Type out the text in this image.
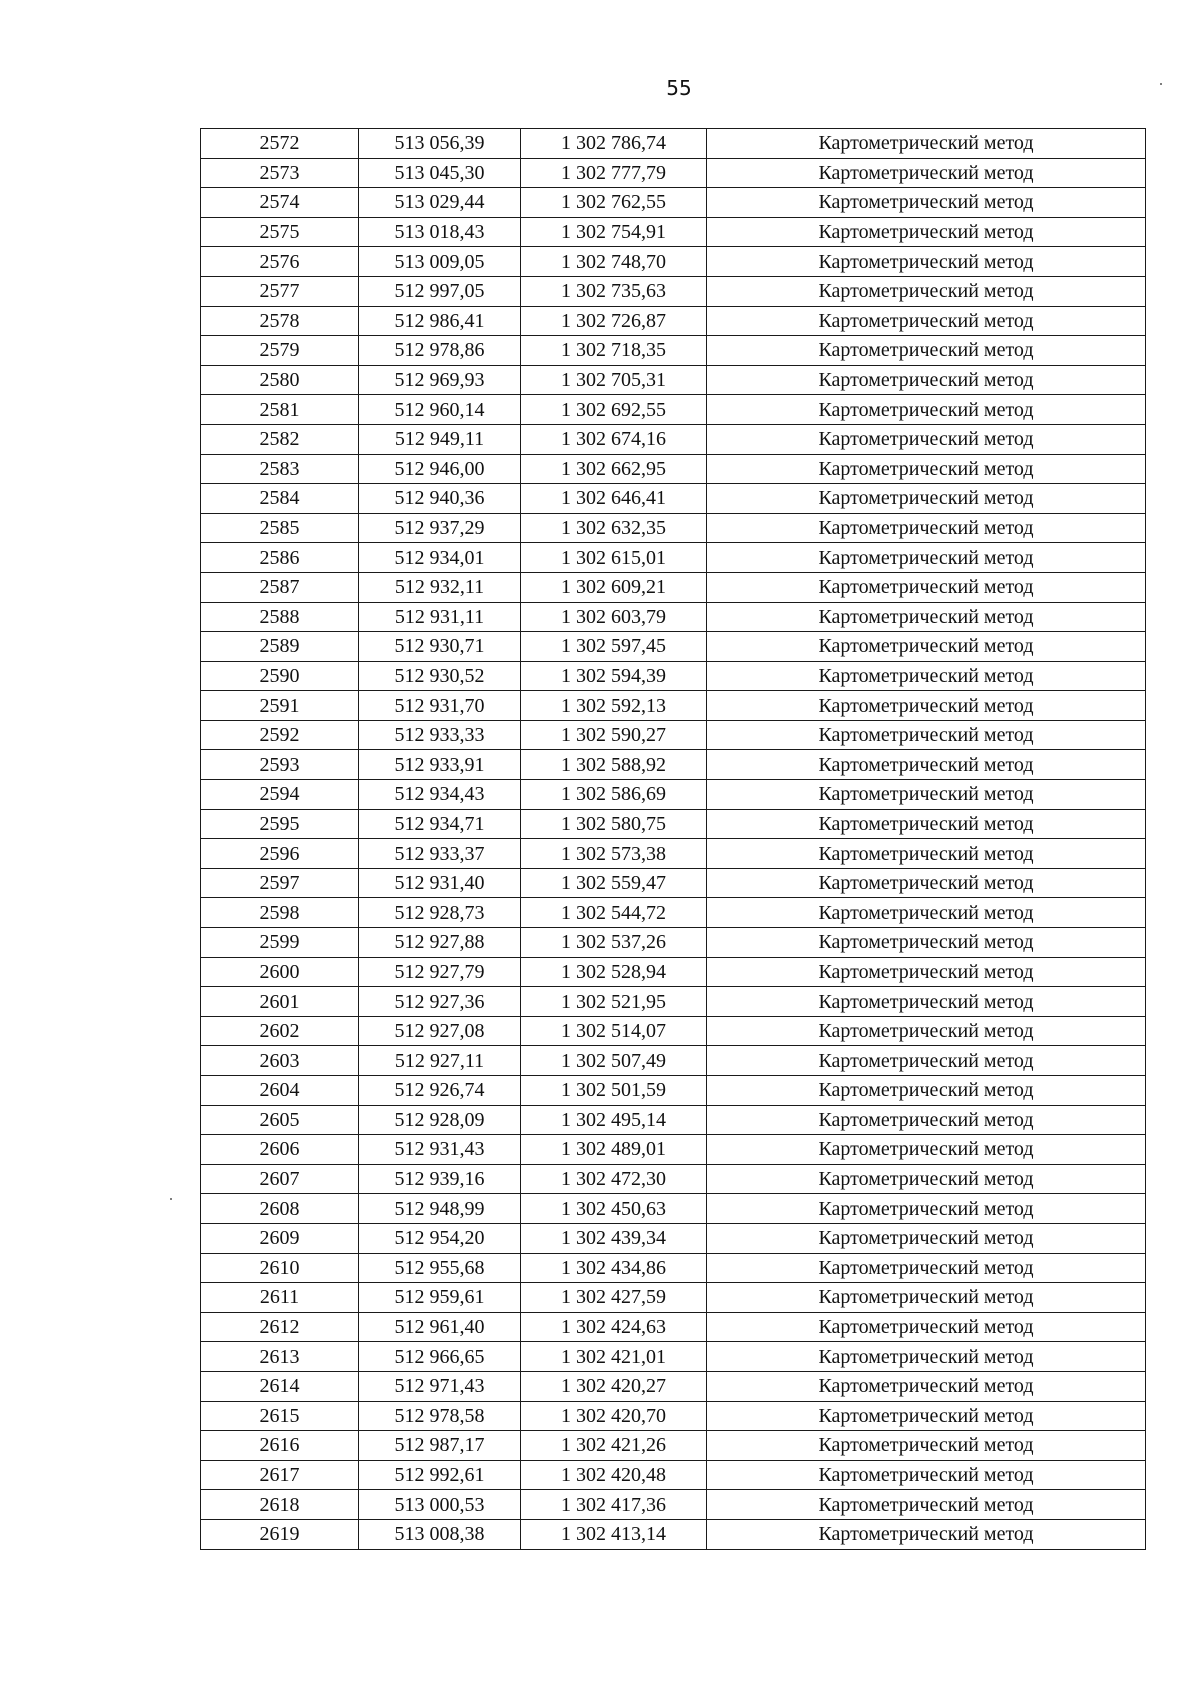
55
2572	513 056,39	1 302 786,74	Картометрический метод
2573	513 045,30	1 302 777,79	Картометрический метод
2574	513 029,44	1 302 762,55	Картометрический метод
2575	513 018,43	1 302 754,91	Картометрический метод
2576	513 009,05	1 302 748,70	Картометрический метод
2577	512 997,05	1 302 735,63	Картометрический метод
2578	512 986,41	1 302 726,87	Картометрический метод
2579	512 978,86	1 302 718,35	Картометрический метод
2580	512 969,93	1 302 705,31	Картометрический метод
2581	512 960,14	1 302 692,55	Картометрический метод
2582	512 949,11	1 302 674,16	Картометрический метод
2583	512 946,00	1 302 662,95	Картометрический метод
2584	512 940,36	1 302 646,41	Картометрический метод
2585	512 937,29	1 302 632,35	Картометрический метод
2586	512 934,01	1 302 615,01	Картометрический метод
2587	512 932,11	1 302 609,21	Картометрический метод
2588	512 931,11	1 302 603,79	Картометрический метод
2589	512 930,71	1 302 597,45	Картометрический метод
2590	512 930,52	1 302 594,39	Картометрический метод
2591	512 931,70	1 302 592,13	Картометрический метод
2592	512 933,33	1 302 590,27	Картометрический метод
2593	512 933,91	1 302 588,92	Картометрический метод
2594	512 934,43	1 302 586,69	Картометрический метод
2595	512 934,71	1 302 580,75	Картометрический метод
2596	512 933,37	1 302 573,38	Картометрический метод
2597	512 931,40	1 302 559,47	Картометрический метод
2598	512 928,73	1 302 544,72	Картометрический метод
2599	512 927,88	1 302 537,26	Картометрический метод
2600	512 927,79	1 302 528,94	Картометрический метод
2601	512 927,36	1 302 521,95	Картометрический метод
2602	512 927,08	1 302 514,07	Картометрический метод
2603	512 927,11	1 302 507,49	Картометрический метод
2604	512 926,74	1 302 501,59	Картометрический метод
2605	512 928,09	1 302 495,14	Картометрический метод
2606	512 931,43	1 302 489,01	Картометрический метод
2607	512 939,16	1 302 472,30	Картометрический метод
2608	512 948,99	1 302 450,63	Картометрический метод
2609	512 954,20	1 302 439,34	Картометрический метод
2610	512 955,68	1 302 434,86	Картометрический метод
2611	512 959,61	1 302 427,59	Картометрический метод
2612	512 961,40	1 302 424,63	Картометрический метод
2613	512 966,65	1 302 421,01	Картометрический метод
2614	512 971,43	1 302 420,27	Картометрический метод
2615	512 978,58	1 302 420,70	Картометрический метод
2616	512 987,17	1 302 421,26	Картометрический метод
2617	512 992,61	1 302 420,48	Картометрический метод
2618	513 000,53	1 302 417,36	Картометрический метод
2619	513 008,38	1 302 413,14	Картометрический метод
